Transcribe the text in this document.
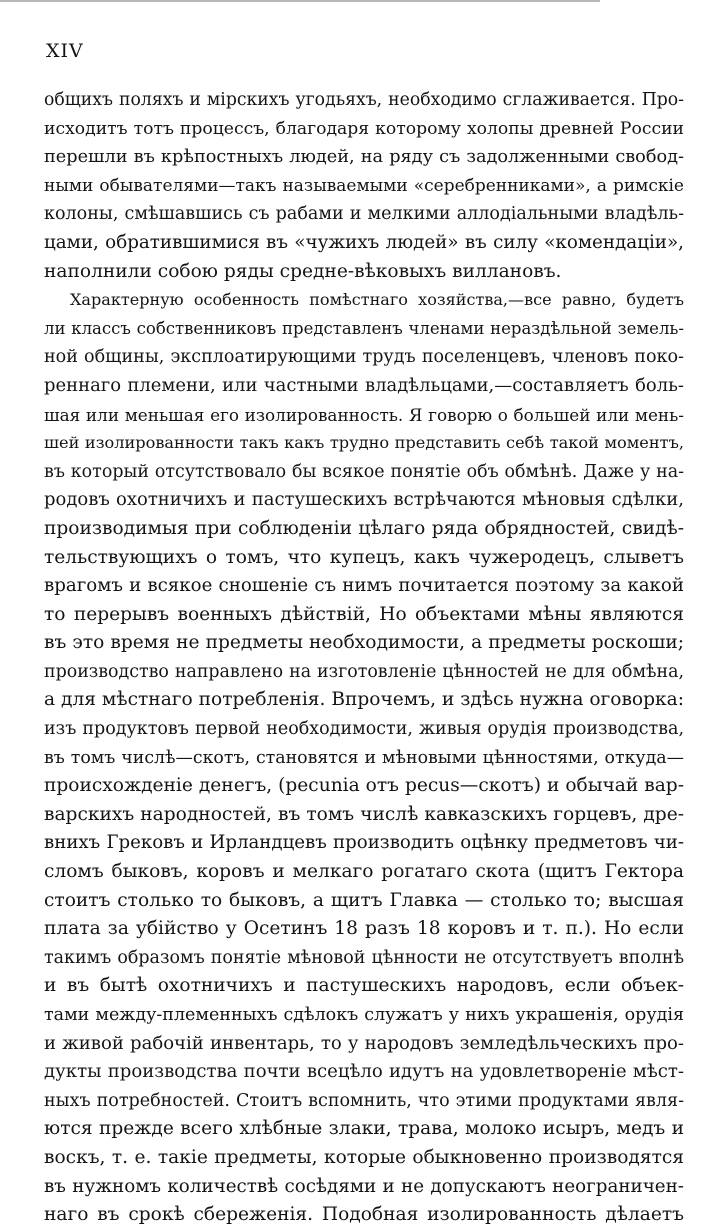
XIV
общихъ поляхъ и мірскихъ угодьяхъ, необходимо сглаживается. Про-
исходитъ тотъ процессъ, благодаря которому холопы древней России
перешли въ крѣпостныхъ людей, на ряду съ задолженными свобод-
ными обывателями—такъ называемыми «серебренниками», а римскіе
колоны, смѣшавшись съ рабами и мелкими аллодіальными владѣль-
цами, обратившимися въ «чужихъ людей» въ силу «комендаціи»,
наполнили собою ряды средне-вѣковыхъ виллановъ.
Характерную особенность помѣстнаго хозяйства,—все равно, будетъ
ли классъ собственниковъ представленъ членами нераздѣльной земель-
ной общины, эксплоатирующими трудъ поселенцевъ, членовъ поко-
реннаго племени, или частными владѣльцами,—составляетъ боль-
шая или меньшая его изолированность. Я говорю о большей или мень-
шей изолированности такъ какъ трудно представить себѣ такой моментъ,
въ который отсутствовало бы всякое понятіе объ обмѣнѣ. Даже у на-
родовъ охотничихъ и пастушескихъ встрѣчаются мѣновыя сдѣлки,
производимыя при соблюденіи цѣлаго ряда обрядностей, свидѣ-
тельствующихъ о томъ, что купецъ, какъ чужеродецъ, слыветъ
врагомъ и всякое сношеніе съ нимъ почитается поэтому за какой
то перерывъ военныхъ дѣйствій, Но объектами мѣны являются
въ это время не предметы необходимости, а предметы роскоши;
производство направлено на изготовленіе цѣнностей не для обмѣна,
а для мѣстнаго потребленія. Впрочемъ, и здѣсь нужна оговорка:
изъ продуктовъ первой необходимости, живыя орудія производства,
въ томъ числѣ—скотъ, становятся и мѣновыми цѣнностями, откуда—
происхожденіе денегъ, (pecunia отъ pecus—скотъ) и обычай вар-
варскихъ народностей, въ томъ числѣ кавказскихъ горцевъ, дре-
внихъ Грековъ и Ирландцевъ производить оцѣнку предметовъ чи-
сломъ быковъ, коровъ и мелкаго рогатаго скота (щитъ Гектора
стоитъ столько то быковъ, а щитъ Главка — столько то; высшая
плата за убійство у Осетинъ 18 разъ 18 коровъ и т. п.). Но если
такимъ образомъ понятіе мѣновой цѣнности не отсутствуетъ вполнѣ
и въ бытѣ охотничихъ и пастушескихъ народовъ, если объек-
тами между-племенныхъ сдѣлокъ служатъ у нихъ украшенія, орудія
и живой рабочій инвентарь, то у народовъ земледѣльческихъ про-
дукты производства почти всецѣло идутъ на удовлетвореніе мѣст-
ныхъ потребностей. Стоитъ вспомнить, что этими продуктами явля-
ются прежде всего хлѣбные злаки, трава, молоко исыръ, медъ и
воскъ, т. е. такіе предметы, которые обыкновенно производятся
въ нужномъ количествѣ сосѣдями и не допускаютъ неограничен-
наго въ срокѣ сбереженія. Подобная изолированность дѣлаетъ
